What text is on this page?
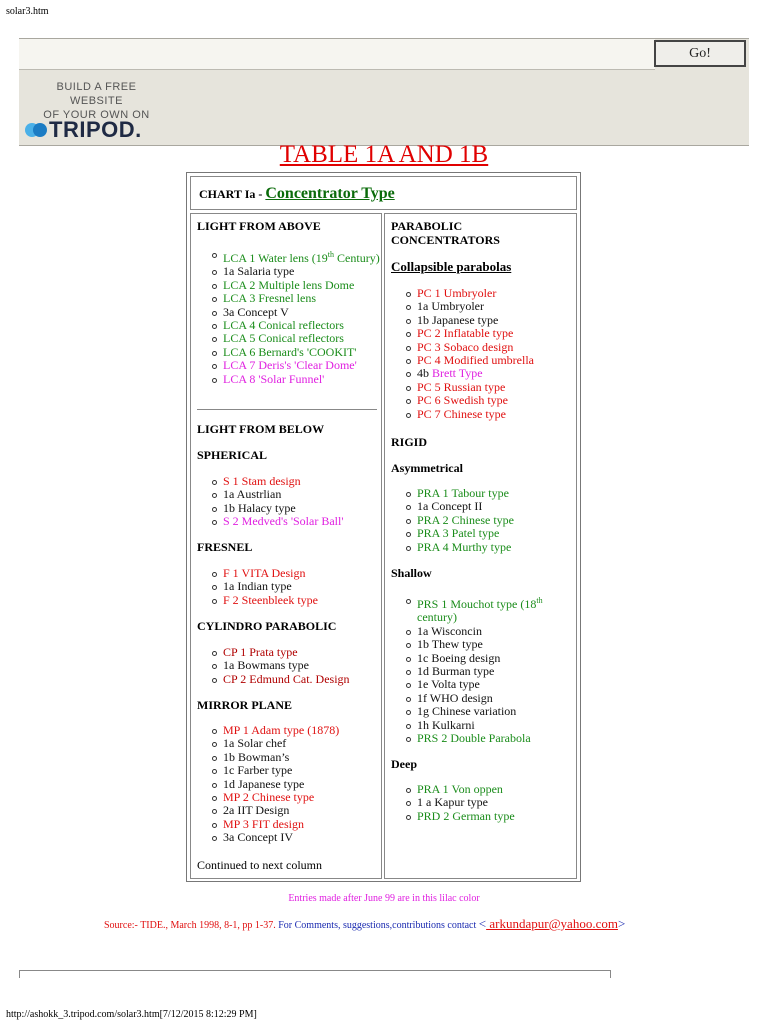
solar3.htm
Go!
BUILD A FREE WEBSITE
OF YOUR OWN ON
TRIPOD.
TABLE 1A AND 1B
CHART Ia - Concentrator Type
LIGHT FROM ABOVE
LCA 1 Water lens (19th Century)
1a Salaria type
LCA 2 Multiple lens Dome
LCA 3 Fresnel lens
3a Concept V
LCA 4 Conical reflectors
LCA 5 Conical reflectors
LCA 6 Bernard's 'COOKIT'
LCA 7 Deris's 'Clear Dome'
LCA 8 'Solar Funnel'
LIGHT FROM BELOW
SPHERICAL
S 1 Stam design
1a Austrlian
1b Halacy type
S 2 Medved's 'Solar Ball'
FRESNEL
F 1 VITA Design
1a Indian type
F 2 Steenbleek type
CYLINDRO PARABOLIC
CP 1 Prata type
1a Bowmans type
CP 2 Edmund Cat. Design
MIRROR PLANE
MP 1 Adam type (1878)
1a Solar chef
1b Bowman’s
1c Farber type
1d Japanese type
MP 2 Chinese type
2a IIT Design
MP 3 FIT design
3a Concept IV
Continued to next column
PARABOLIC
CONCENTRATORS
Collapsible parabolas
PC 1 Umbryoler
1a Umbryoler
1b Japanese type
PC 2 Inflatable type
PC 3 Sobaco design
PC 4 Modified umbrella
4b Brett Type
PC 5 Russian type
PC 6 Swedish type
PC 7 Chinese type
RIGID
Asymmetrical
PRA 1 Tabour type
1a Concept II
PRA 2 Chinese type
PRA 3 Patel type
PRA 4 Murthy type
Shallow
PRS 1 Mouchot type (18th century)
1a Wisconcin
1b Thew type
1c Boeing design
1d Burman type
1e Volta type
1f WHO design
1g Chinese variation
1h Kulkarni
PRS 2 Double Parabola
Deep
PRA 1 Von oppen
1 a Kapur type
PRD 2 German type
Entries made after June 99 are in this lilac color
Source:- TIDE., March 1998, 8-1, pp 1-37. For Comments, suggestions,contributions contact < arkundapur@yahoo.com>
http://ashokk_3.tripod.com/solar3.htm[7/12/2015 8:12:29 PM]
